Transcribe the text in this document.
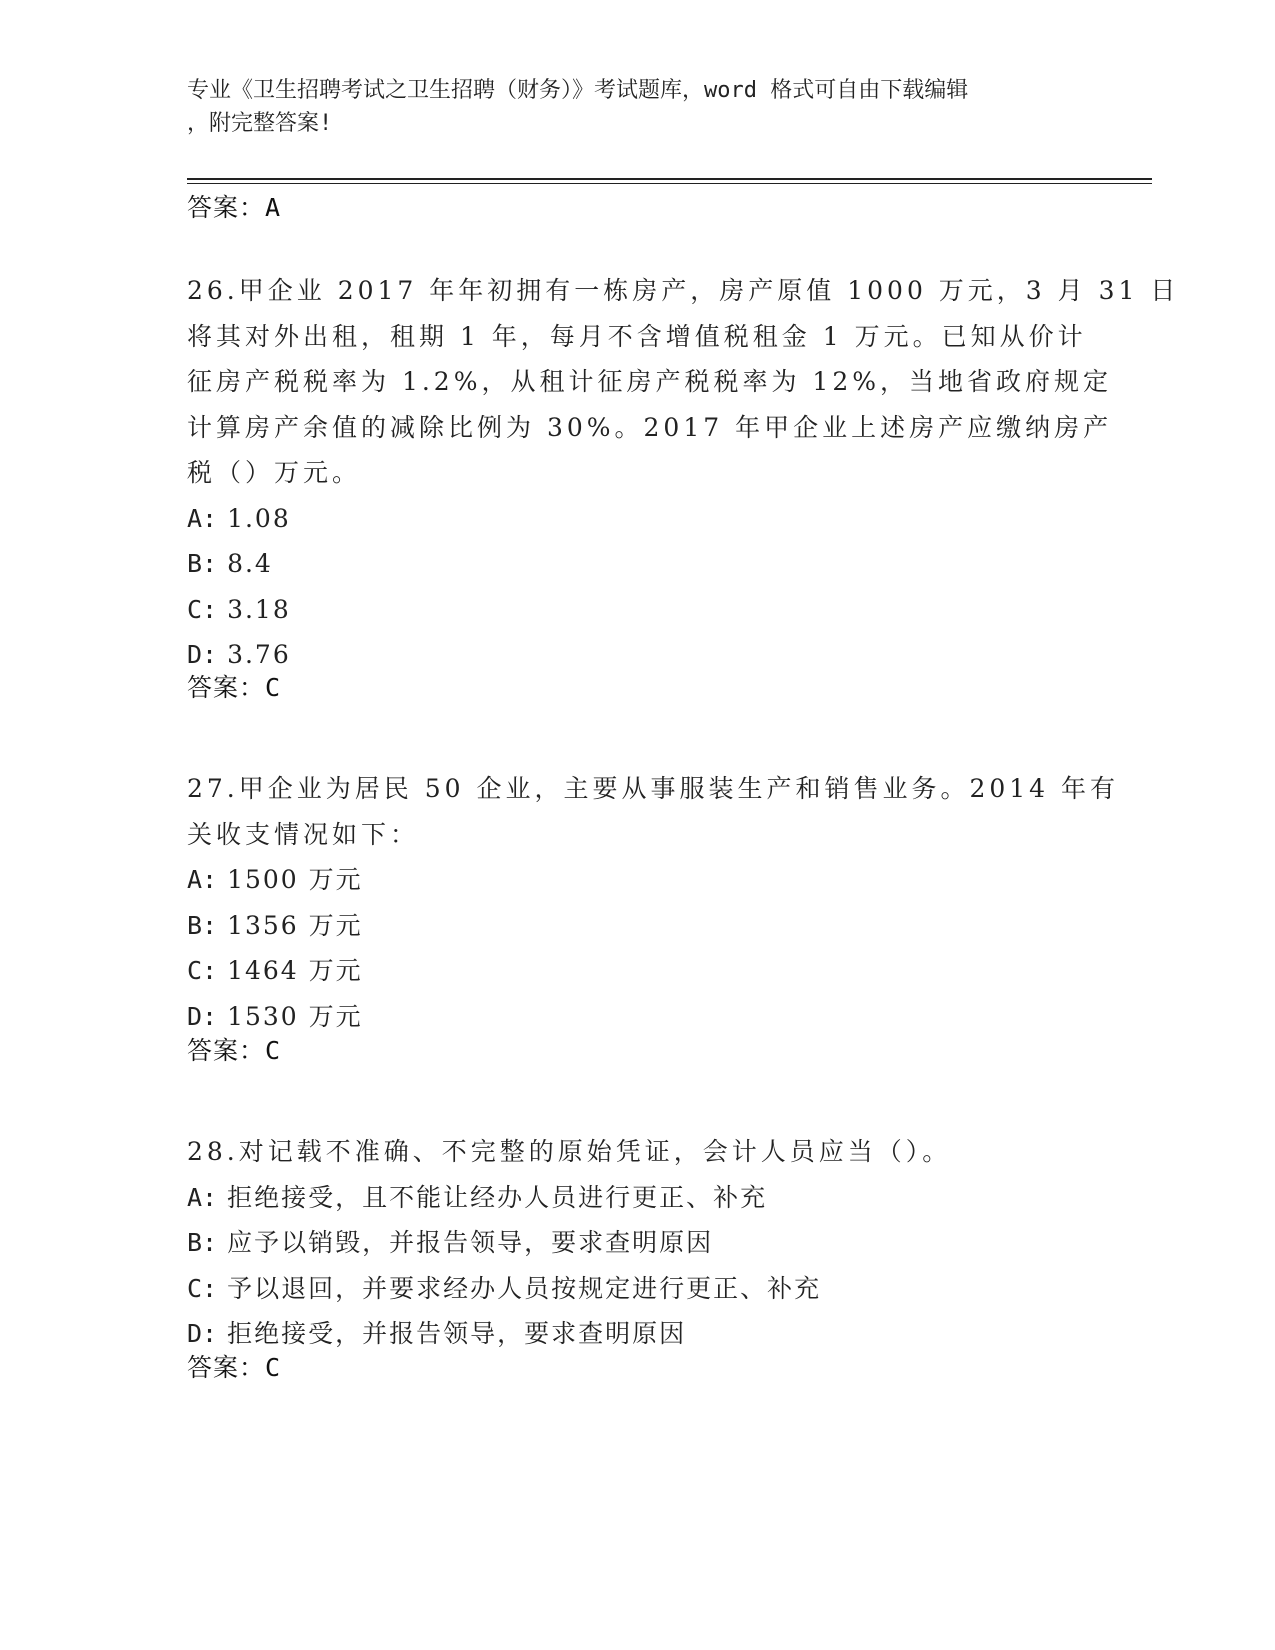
专业《卫生招聘考试之卫生招聘（财务）》考试题库，word 格式可自由下载编辑
，附完整答案!
答案：A
26.甲企业 2017 年年初拥有一栋房产，房产原值 1000 万元，3 月 31 日
将其对外出租，租期 1 年，每月不含增值税租金 1 万元。已知从价计
征房产税税率为 1.2%，从租计征房产税税率为 12%，当地省政府规定
计算房产余值的减除比例为 30%。2017 年甲企业上述房产应缴纳房产
税（）万元。
A: 1.08
B: 8.4
C: 3.18
D: 3.76
答案：C
27.甲企业为居民 50 企业，主要从事服装生产和销售业务。2014 年有
关收支情况如下：
A: 1500 万元
B: 1356 万元
C: 1464 万元
D: 1530 万元
答案：C
28.对记载不准确、不完整的原始凭证，会计人员应当（）。
A: 拒绝接受，且不能让经办人员进行更正、补充
B: 应予以销毁，并报告领导，要求查明原因
C: 予以退回，并要求经办人员按规定进行更正、补充
D: 拒绝接受，并报告领导，要求查明原因
答案：C
